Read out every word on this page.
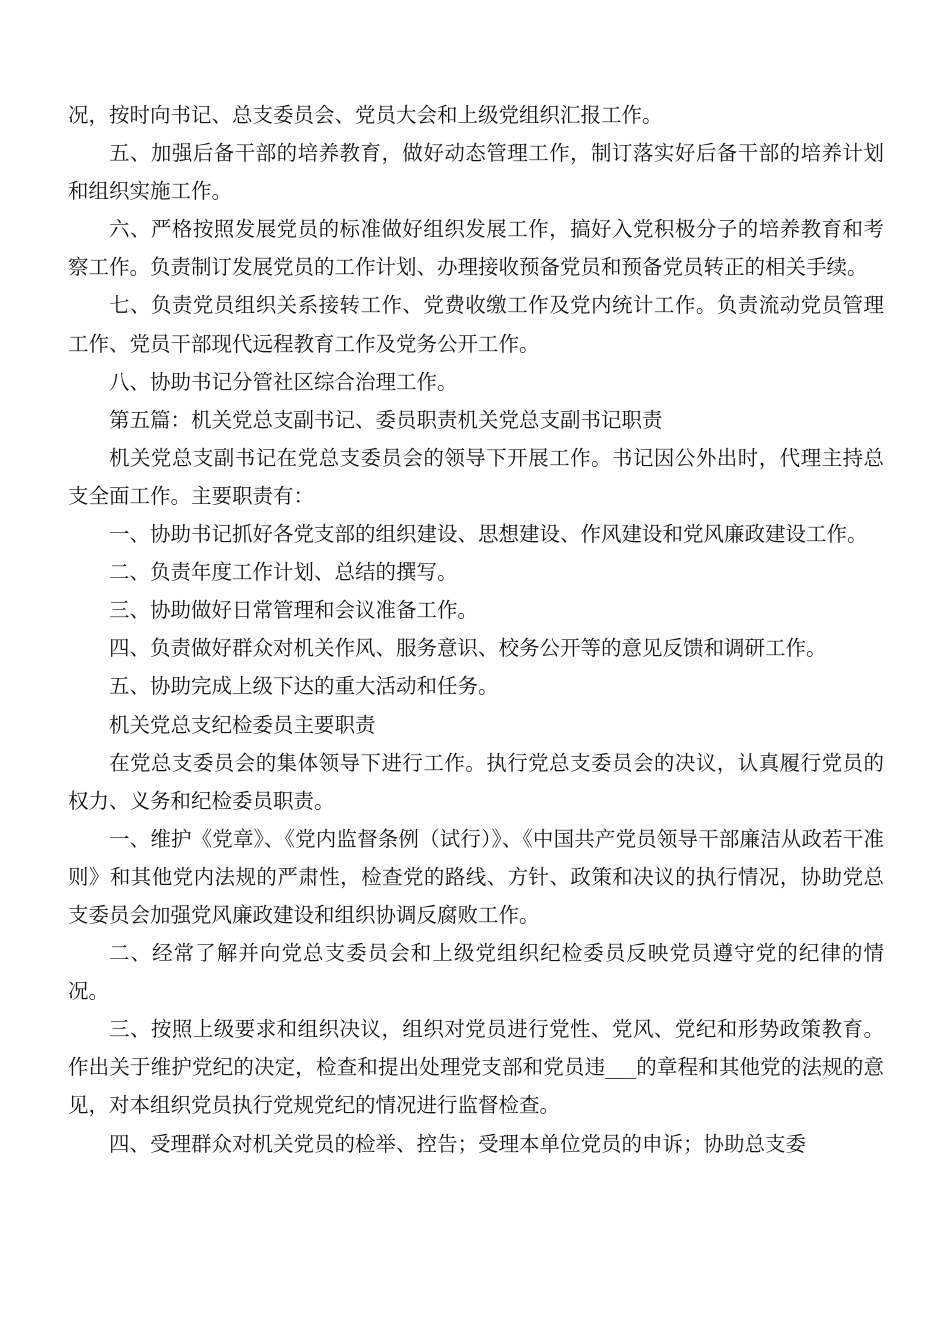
况，按时向书记、总支委员会、党员大会和上级党组织汇报工作。

五、加强后备干部的培养教育，做好动态管理工作，制订落实好后备干部的培养计划和组织实施工作。

六、严格按照发展党员的标准做好组织发展工作，搞好入党积极分子的培养教育和考察工作。负责制订发展党员的工作计划、办理接收预备党员和预备党员转正的相关手续。

七、负责党员组织关系接转工作、党费收缴工作及党内统计工作。负责流动党员管理工作、党员干部现代远程教育工作及党务公开工作。

八、协助书记分管社区综合治理工作。

第五篇：机关党总支副书记、委员职责机关党总支副书记职责

机关党总支副书记在党总支委员会的领导下开展工作。书记因公外出时，代理主持总支全面工作。主要职责有：

一、协助书记抓好各党支部的组织建设、思想建设、作风建设和党风廉政建设工作。

二、负责年度工作计划、总结的撰写。

三、协助做好日常管理和会议准备工作。

四、负责做好群众对机关作风、服务意识、校务公开等的意见反馈和调研工作。

五、协助完成上级下达的重大活动和任务。

机关党总支纪检委员主要职责

在党总支委员会的集体领导下进行工作。执行党总支委员会的决议，认真履行党员的权力、义务和纪检委员职责。

一、维护《党章》、《党内监督条例（试行）》、《中国共产党员领导干部廉洁从政若干准则》和其他党内法规的严肃性，检查党的路线、方针、政策和决议的执行情况，协助党总支委员会加强党风廉政建设和组织协调反腐败工作。

二、经常了解并向党总支委员会和上级党组织纪检委员反映党员遵守党的纪律的情况。

三、按照上级要求和组织决议，组织对党员进行党性、党风、党纪和形势政策教育。作出关于维护党纪的决定，检查和提出处理党支部和党员违___的章程和其他党的法规的意见，对本组织党员执行党规党纪的情况进行监督检查。

四、受理群众对机关党员的检举、控告；受理本单位党员的申诉；协助总支委
